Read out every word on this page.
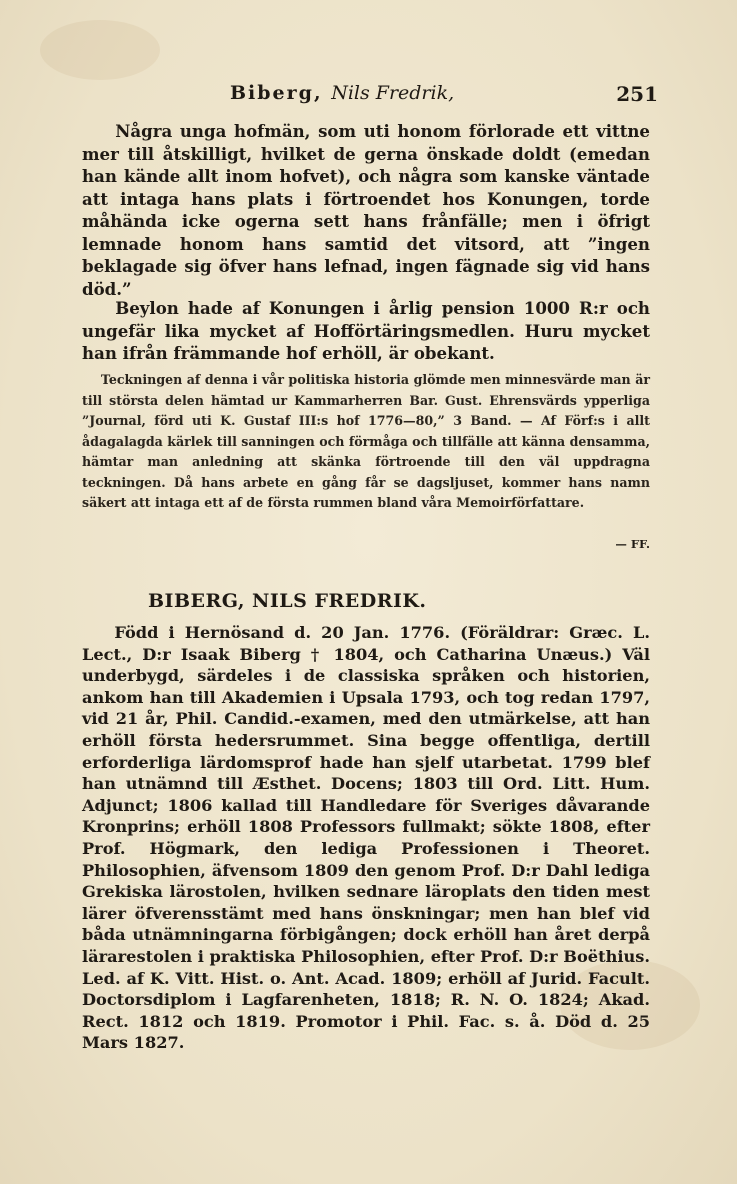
Biberg, Nils Fredrik,	251
Några unga hofmän, som uti honom förlorade ett vittne mer till åtskilligt, hvilket de gerna önskade doldt (emedan han kände allt inom hofvet), och några som kanske väntade att intaga hans plats i förtroendet hos Konungen, torde måhända icke ogerna sett hans frånfälle; men i öfrigt lemnade honom hans samtid det vitsord, att ”ingen beklagade sig öfver hans lefnad, ingen fägnade sig vid hans död.”
Beylon hade af Konungen i årlig pension 1000 R:r och ungefär lika mycket af Hofförtäringsmedlen. Huru mycket han ifrån främmande hof erhöll, är obekant.
Teckningen af denna i vår politiska historia glömde men minnesvärde man är till största delen hämtad ur Kammarherren Bar. Gust. Ehrensvärds ypperliga ”Journal, förd uti K. Gustaf III:s hof 1776—80,” 3 Band. — Af Förf:s i allt ådagalagda kärlek till sanningen och förmåga och tillfälle att känna densamma, hämtar man anledning att skänka förtroende till den väl uppdragna teckningen. Då hans arbete en gång får se dagsljuset, kommer hans namn säkert att intaga ett af de första rummen bland våra Memoirförfattare.
— FF.
BIBERG, NILS FREDRIK.
Född i Hernösand d. 20 Jan. 1776. (Föräldrar: Græc. L. Lect., D:r Isaak Biberg † 1804, och Catharina Unæus.) Väl underbygd, särdeles i de classiska språken och historien, ankom han till Akademien i Upsala 1793, och tog redan 1797, vid 21 år, Phil. Candid.-examen, med den utmärkelse, att han erhöll första hedersrummet. Sina begge offentliga, dertill erforderliga lärdomsprof hade han sjelf utarbetat. 1799 blef han utnämnd till Æsthet. Docens; 1803 till Ord. Litt. Hum. Adjunct; 1806 kallad till Handledare för Sveriges dåvarande Kronprins; erhöll 1808 Professors fullmakt; sökte 1808, efter Prof. Högmark, den lediga Professionen i Theoret. Philosophien, äfvensom 1809 den genom Prof. D:r Dahl lediga Grekiska lärostolen, hvilken sednare läroplats den tiden mest lärer öfverensstämt med hans önskningar; men han blef vid båda utnämningarna förbigången; dock erhöll han året derpå lärarestolen i praktiska Philosophien, efter Prof. D:r Boëthius. Led. af K. Vitt. Hist. o. Ant. Acad. 1809; erhöll af Jurid. Facult. Doctorsdiplom i Lagfarenheten, 1818; R. N. O. 1824; Akad. Rect. 1812 och 1819. Promotor i Phil. Fac. s. å. Död d. 25 Mars 1827.
